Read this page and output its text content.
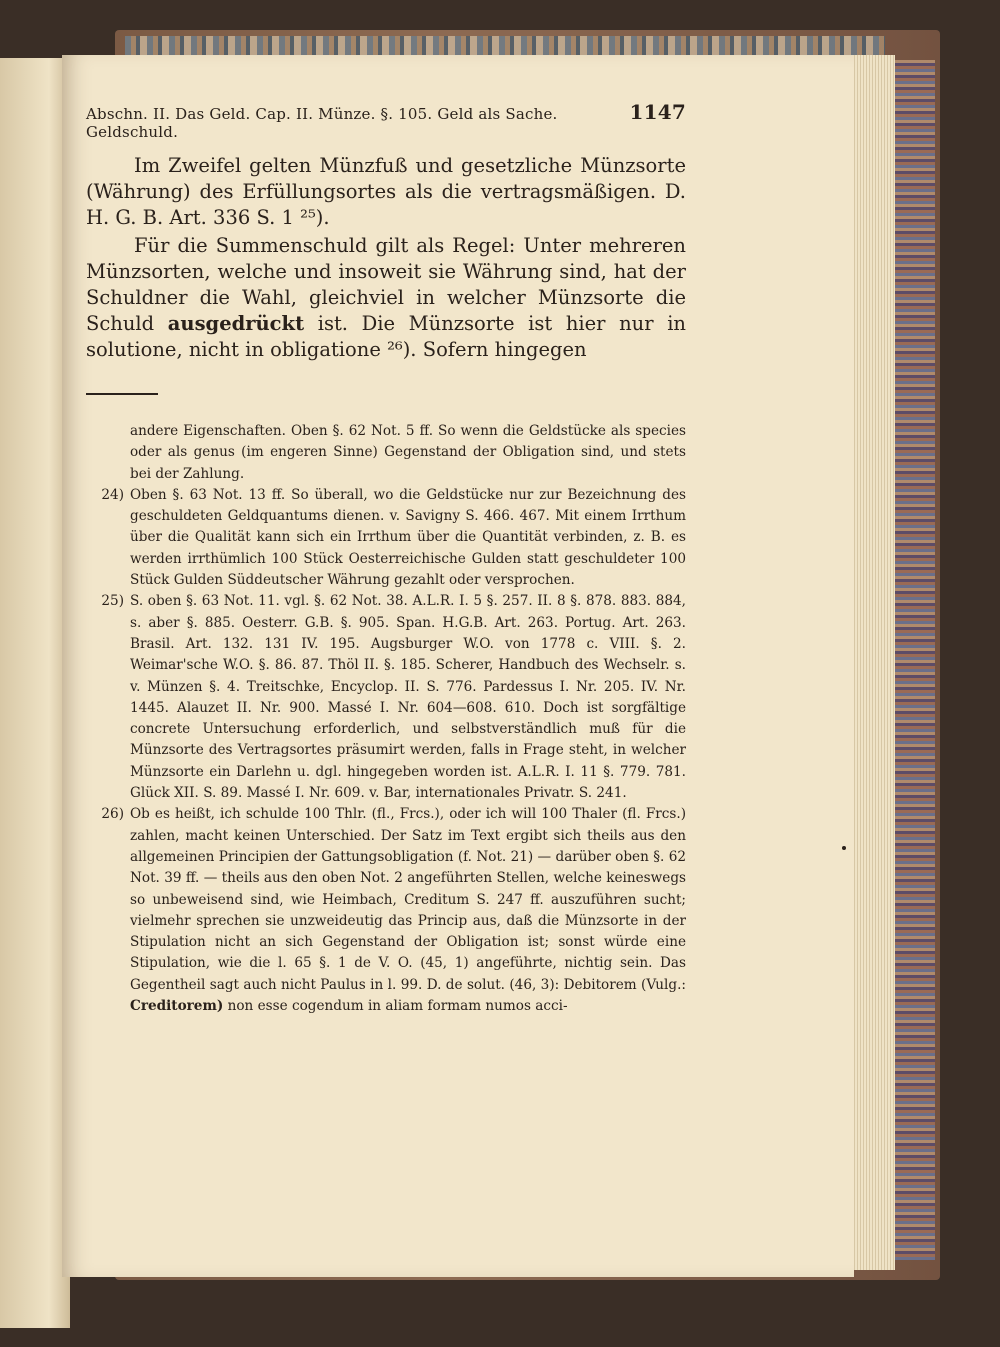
Abschn. II. Das Geld. Cap. II. Münze. §. 105. Geld als Sache. Geldschuld.
1147

Im Zweifel gelten Münzfuß und gesetzliche Münzsorte (Währung) des Erfüllungsortes als die vertragsmäßigen. D. H. G. B. Art. 336 S. 1 ²⁵).

Für die Summenschuld gilt als Regel: Unter mehreren Münzsorten, welche und insoweit sie Währung sind, hat der Schuldner die Wahl, gleichviel in welcher Münzsorte die Schuld ausgedrückt ist. Die Münzsorte ist hier nur in solutione, nicht in obligatione ²⁶). Sofern hingegen

andere Eigenschaften. Oben §. 62 Not. 5 ff. So wenn die Geldstücke als species oder als genus (im engeren Sinne) Gegenstand der Obligation sind, und stets bei der Zahlung.
24) Oben §. 63 Not. 13 ff. So überall, wo die Geldstücke nur zur Bezeichnung des geschuldeten Geldquantums dienen. v. Savigny S. 466. 467. Mit einem Irrthum über die Qualität kann sich ein Irrthum über die Quantität verbinden, z. B. es werden irrthümlich 100 Stück Oesterreichische Gulden statt geschuldeter 100 Stück Gulden Süddeutscher Währung gezahlt oder versprochen.
25) S. oben §. 63 Not. 11. vgl. §. 62 Not. 38. A.L.R. I. 5 §. 257. II. 8 §. 878. 883. 884, s. aber §. 885. Oesterr. G.B. §. 905. Span. H.G.B. Art. 263. Portug. Art. 263. Brasil. Art. 132. 131 IV. 195. Augsburger W.O. von 1778 c. VIII. §. 2. Weimar'sche W.O. §. 86. 87. Thöl II. §. 185. Scherer, Handbuch des Wechselr. s. v. Münzen §. 4. Treitschke, Encyclop. II. S. 776. Pardessus I. Nr. 205. IV. Nr. 1445. Alauzet II. Nr. 900. Massé I. Nr. 604—608. 610. Doch ist sorgfältige concrete Untersuchung erforderlich, und selbstverständlich muß für die Münzsorte des Vertragsortes präsumirt werden, falls in Frage steht, in welcher Münzsorte ein Darlehn u. dgl. hingegeben worden ist. A.L.R. I. 11 §. 779. 781. Glück XII. S. 89. Massé I. Nr. 609. v. Bar, internationales Privatr. S. 241.
26) Ob es heißt, ich schulde 100 Thlr. (fl., Frcs.), oder ich will 100 Thaler (fl. Frcs.) zahlen, macht keinen Unterschied. Der Satz im Text ergibt sich theils aus den allgemeinen Principien der Gattungsobligation (f. Not. 21) — darüber oben §. 62 Not. 39 ff. — theils aus den oben Not. 2 angeführten Stellen, welche keineswegs so unbeweisend sind, wie Heimbach, Creditum S. 247 ff. auszuführen sucht; vielmehr sprechen sie unzweideutig das Princip aus, daß die Münzsorte in der Stipulation nicht an sich Gegenstand der Obligation ist; sonst würde eine Stipulation, wie die l. 65 §. 1 de V. O. (45, 1) angeführte, nichtig sein. Das Gegentheil sagt auch nicht Paulus in l. 99. D. de solut. (46, 3): Debitorem (Vulg.: Creditorem) non esse cogendum in aliam formam numos acci-
